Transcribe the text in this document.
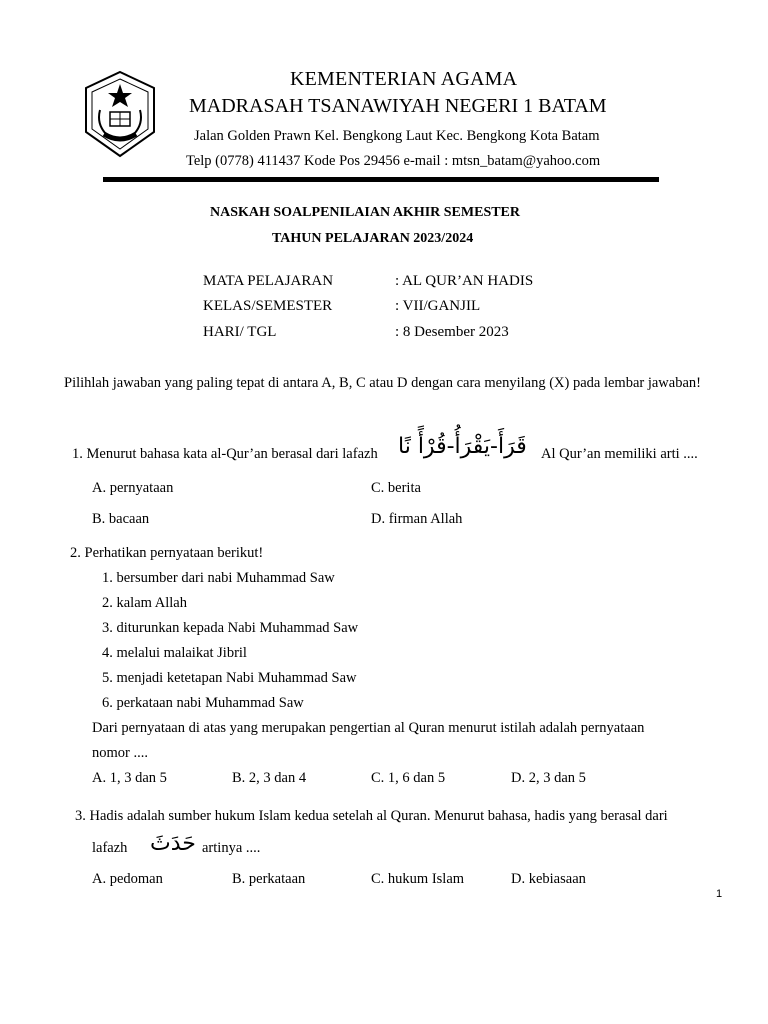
KEMENTERIAN AGAMA
MADRASAH TSANAWIYAH NEGERI 1 BATAM
Jalan Golden Prawn Kel. Bengkong Laut Kec. Bengkong Kota Batam
Telp (0778) 411437 Kode Pos 29456 e-mail : mtsn_batam@yahoo.com
NASKAH SOALPENILAIAN AKHIR SEMESTER
TAHUN PELAJARAN 2023/2024
MATA PELAJARAN	: AL QUR’AN HADIS
KELAS/SEMESTER	: VII/GANJIL
HARI/ TGL	: 8 Desember 2023
Pilihlah jawaban yang paling tepat di antara A, B, C atau D dengan cara menyilang (X) pada lembar jawaban!
1. Menurut bahasa kata al-Qur’an berasal dari lafazh قَرَأَ-يَقْرَأُ-قُرْأً نًا Al Qur’an memiliki arti ....
A. pernyataan	C. berita
B. bacaan	D. firman Allah
2. Perhatikan pernyataan berikut!
1. bersumber dari nabi Muhammad Saw
2. kalam Allah
3. diturunkan kepada Nabi Muhammad Saw
4. melalui malaikat Jibril
5. menjadi ketetapan Nabi Muhammad Saw
6. perkataan nabi Muhammad Saw
Dari pernyataan di atas yang merupakan pengertian al Quran menurut istilah adalah pernyataan
nomor ....
A. 1, 3 dan 5	B. 2, 3 dan 4	C. 1, 6 dan 5	D. 2, 3 dan 5
3. Hadis adalah sumber hukum Islam kedua setelah al Quran. Menurut bahasa, hadis yang berasal dari
lafazh حَدَثَ artinya ....
A. pedoman	B. perkataan	C. hukum Islam	D. kebiasaan
1
